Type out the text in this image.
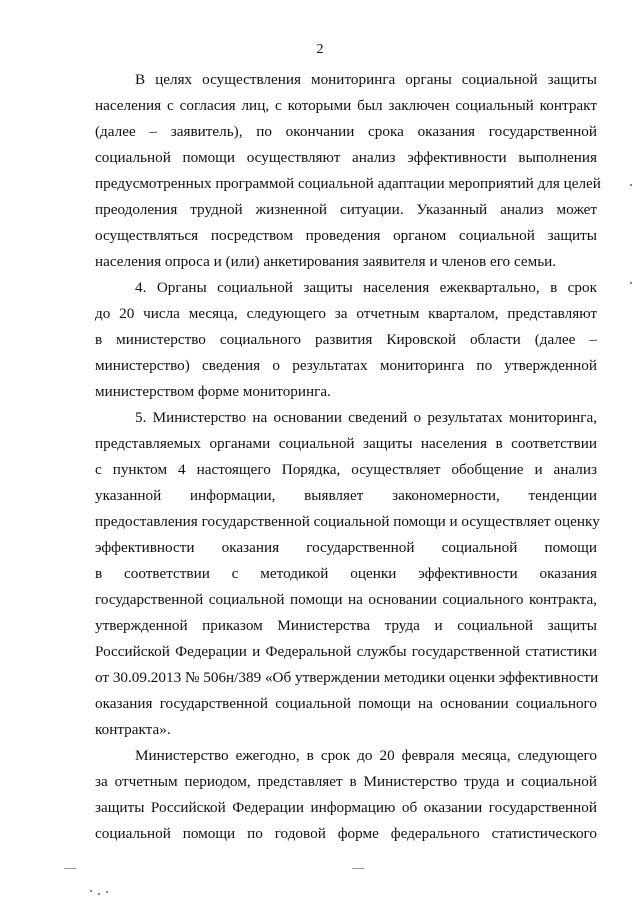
2
В целях осуществления мониторинга органы социальной защиты
населения с согласия лиц, с которыми был заключен социальный контракт
(далее – заявитель), по окончании срока оказания государственной
социальной помощи осуществляют анализ эффективности выполнения
предусмотренных программой социальной адаптации мероприятий для целей
преодоления трудной жизненной ситуации. Указанный анализ может
осуществляться посредством проведения органом социальной защиты
населения опроса и (или) анкетирования заявителя и членов его семьи.
4. Органы социальной защиты населения ежеквартально, в срок
до 20 числа месяца, следующего за отчетным кварталом, представляют
в министерство социального развития Кировской области (далее –
министерство) сведения о результатах мониторинга по утвержденной
министерством форме мониторинга.
5. Министерство на основании сведений о результатах мониторинга,
представляемых органами социальной защиты населения в соответствии
с пунктом 4 настоящего Порядка, осуществляет обобщение и анализ
указанной информации, выявляет закономерности, тенденции
предоставления государственной социальной помощи и осуществляет оценку
эффективности оказания государственной социальной помощи
в соответствии с методикой оценки эффективности оказания
государственной социальной помощи на основании социального контракта,
утвержденной приказом Министерства труда и социальной защиты
Российской Федерации и Федеральной службы государственной статистики
от 30.09.2013 № 506н/389 «Об утверждении методики оценки эффективности
оказания государственной социальной помощи на основании социального
контракта».
Министерство ежегодно, в срок до 20 февраля месяца, следующего
за отчетным периодом, представляет в Министерство труда и социальной
защиты Российской Федерации информацию об оказании государственной
социальной помощи по годовой форме федерального статистического
